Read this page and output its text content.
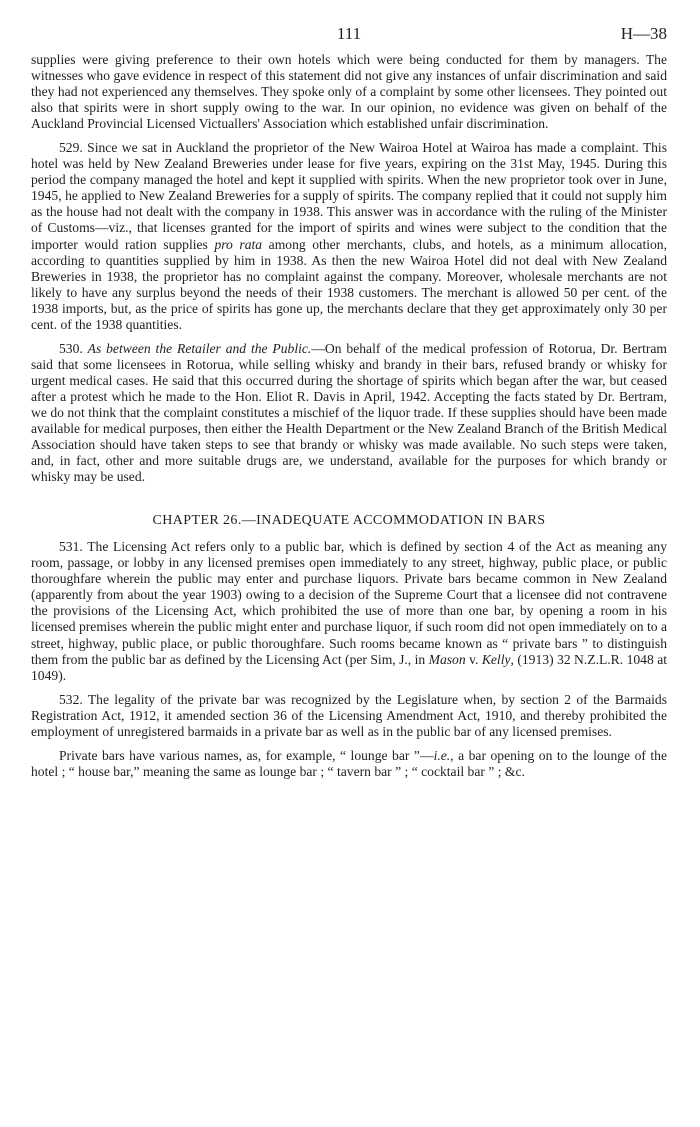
111	H—38

supplies were giving preference to their own hotels which were being conducted for them by managers. The witnesses who gave evidence in respect of this statement did not give any instances of unfair discrimination and said they had not experienced any themselves. They spoke only of a complaint by some other licensees. They pointed out also that spirits were in short supply owing to the war. In our opinion, no evidence was given on behalf of the Auckland Provincial Licensed Victuallers' Association which established unfair discrimination.

529. Since we sat in Auckland the proprietor of the New Wairoa Hotel at Wairoa has made a complaint. This hotel was held by New Zealand Breweries under lease for five years, expiring on the 31st May, 1945. During this period the company managed the hotel and kept it supplied with spirits. When the new proprietor took over in June, 1945, he applied to New Zealand Breweries for a supply of spirits. The company replied that it could not supply him as the house had not dealt with the company in 1938. This answer was in accordance with the ruling of the Minister of Customs—viz., that licenses granted for the import of spirits and wines were subject to the condition that the importer would ration supplies pro rata among other merchants, clubs, and hotels, as a minimum allocation, according to quantities supplied by him in 1938. As then the new Wairoa Hotel did not deal with New Zealand Breweries in 1938, the proprietor has no complaint against the company. Moreover, wholesale merchants are not likely to have any surplus beyond the needs of their 1938 customers. The merchant is allowed 50 per cent. of the 1938 imports, but, as the price of spirits has gone up, the merchants declare that they get approximately only 30 per cent. of the 1938 quantities.

530. As between the Retailer and the Public.—On behalf of the medical profession of Rotorua, Dr. Bertram said that some licensees in Rotorua, while selling whisky and brandy in their bars, refused brandy or whisky for urgent medical cases. He said that this occurred during the shortage of spirits which began after the war, but ceased after a protest which he made to the Hon. Eliot R. Davis in April, 1942. Accepting the facts stated by Dr. Bertram, we do not think that the complaint constitutes a mischief of the liquor trade. If these supplies should have been made available for medical purposes, then either the Health Department or the New Zealand Branch of the British Medical Association should have taken steps to see that brandy or whisky was made available. No such steps were taken, and, in fact, other and more suitable drugs are, we understand, available for the purposes for which brandy or whisky may be used.

CHAPTER 26.—INADEQUATE ACCOMMODATION IN BARS

531. The Licensing Act refers only to a public bar, which is defined by section 4 of the Act as meaning any room, passage, or lobby in any licensed premises open immediately to any street, highway, public place, or public thoroughfare wherein the public may enter and purchase liquors. Private bars became common in New Zealand (apparently from about the year 1903) owing to a decision of the Supreme Court that a licensee did not contravene the provisions of the Licensing Act, which prohibited the use of more than one bar, by opening a room in his licensed premises wherein the public might enter and purchase liquor, if such room did not open immediately on to a street, highway, public place, or public thoroughfare. Such rooms became known as “ private bars ” to distinguish them from the public bar as defined by the Licensing Act (per Sim, J., in Mason v. Kelly, (1913) 32 N.Z.L.R. 1048 at 1049).

532. The legality of the private bar was recognized by the Legislature when, by section 2 of the Barmaids Registration Act, 1912, it amended section 36 of the Licensing Amendment Act, 1910, and thereby prohibited the employment of unregistered barmaids in a private bar as well as in the public bar of any licensed premises.

Private bars have various names, as, for example, “ lounge bar ”—i.e., a bar opening on to the lounge of the hotel ; “ house bar,” meaning the same as lounge bar ; “ tavern bar ” ; “ cocktail bar ” ; &c.
